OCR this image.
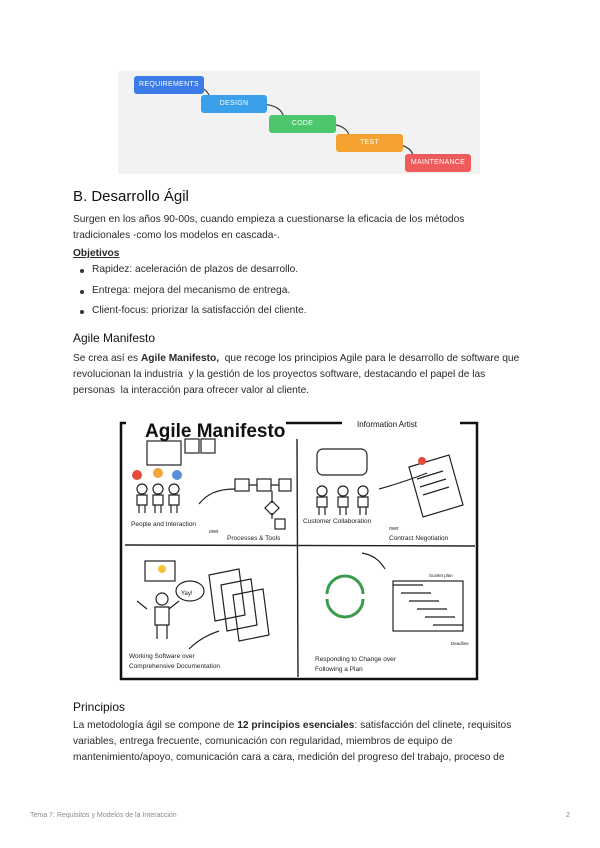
REQUIREMENTS
DESIGN
CODE
TEST
MAINTENANCE
B. Desarrollo Ágil
Surgen en los años 90-00s, cuando empieza a cuestionarse la eficacia de los métodos
tradicionales -como los modelos en cascada-.
Objetivos
Rapidez: aceleración de plazos de desarrollo.
Entrega: mejora del mecanismo de entrega.
Client-focus: priorizar la satisfacción del cliente.
Agile Manifesto
Se crea así es Agile Manifesto,  que recoge los principios Agile para le desarrollo de software que
revolucionan la industria  y la gestión de los proyectos software, destacando el papel de las
personas  la interacción para ofrecer valor al cliente.
Agile Manifesto	Information Artist
People and Interaction
over
Processes & Tools
Customer Collaboration
over
Contract Negotiation
Yay!
Working Software over
Comprehensive Documentation
Scarlet plan
Deadline
Responding to Change over
Following a Plan
Principios
La metodología ágil se compone de 12 principios esenciales: satisfacción del clinete, requisitos
variables, entrega frecuente, comunicación con regularidad, miembros de equipo de
mantenimiento/apoyo, comunicación cara a cara, medición del progreso del trabajo, proceso de
Tema 7: Requisitos y Modelos de la Interacción	2
